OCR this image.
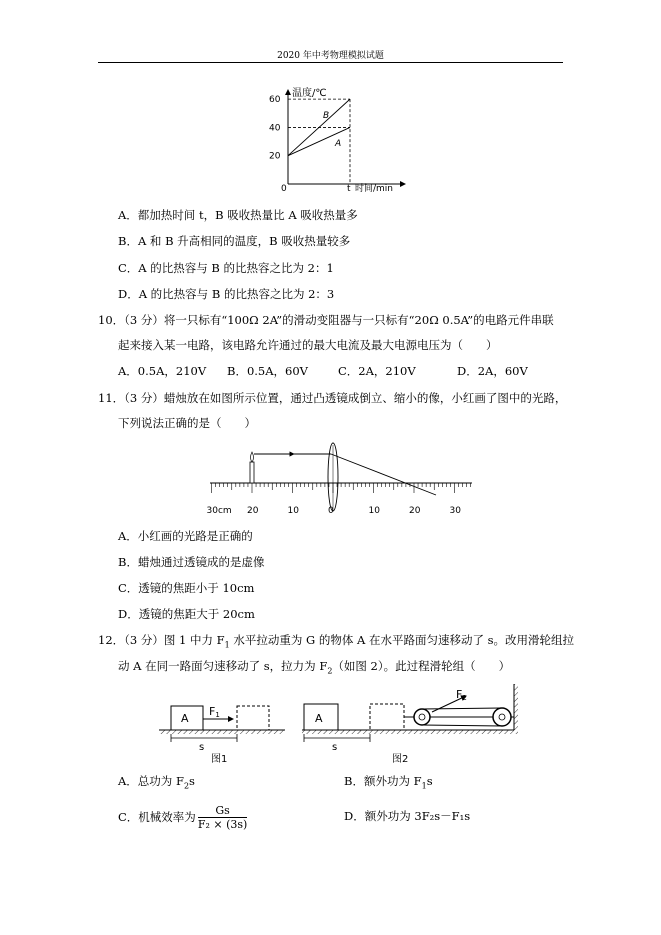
2020 年中考物理模拟试题
60
40
20
温度/℃
0	t 时间/min
B
A
A．都加热时间 t，B 吸收热量比 A 吸收热量多
B．A 和 B 升高相同的温度，B 吸收热量较多
C．A 的比热容与 B 的比热容之比为 2：1
D．A 的比热容与 B 的比热容之比为 2：3
10．（3 分）将一只标有“100Ω 2A”的滑动变阻器与一只标有“20Ω 0.5A”的电路元件串联
起来接入某一电路，该电路允许通过的最大电流及最大电源电压为（　　）
A．0.5A，210V B．0.5A，60V	C．2A，210V	D．2A，60V
11．（3 分）蜡烛放在如图所示位置，通过凸透镜成倒立、缩小的像，小红画了图中的光路，
下列说法正确的是（　　）
30cm 20	10	0	10	20	30
A．小红画的光路是正确的
B．蜡烛通过透镜成的是虚像
C．透镜的焦距小于 10cm
D．透镜的焦距大于 20cm
12．（3 分）图 1 中力 $F_1$ 水平拉动重为 G 的物体 A 在水平路面匀速移动了 s。改用滑轮组拉
动 A 在同一路面匀速移动了 s，拉力为 $F_2$（如图 2）。此过程滑轮组（　　）
A
F1
s
图1
A
F2
s
图2
A．总功为 $F_2s$	B．额外功为 $F_1s$
C．机械效率为 $\frac{Gs}{\text{F₂ × (3s)}}$	D．额外功为 3F₂s－F₁s
